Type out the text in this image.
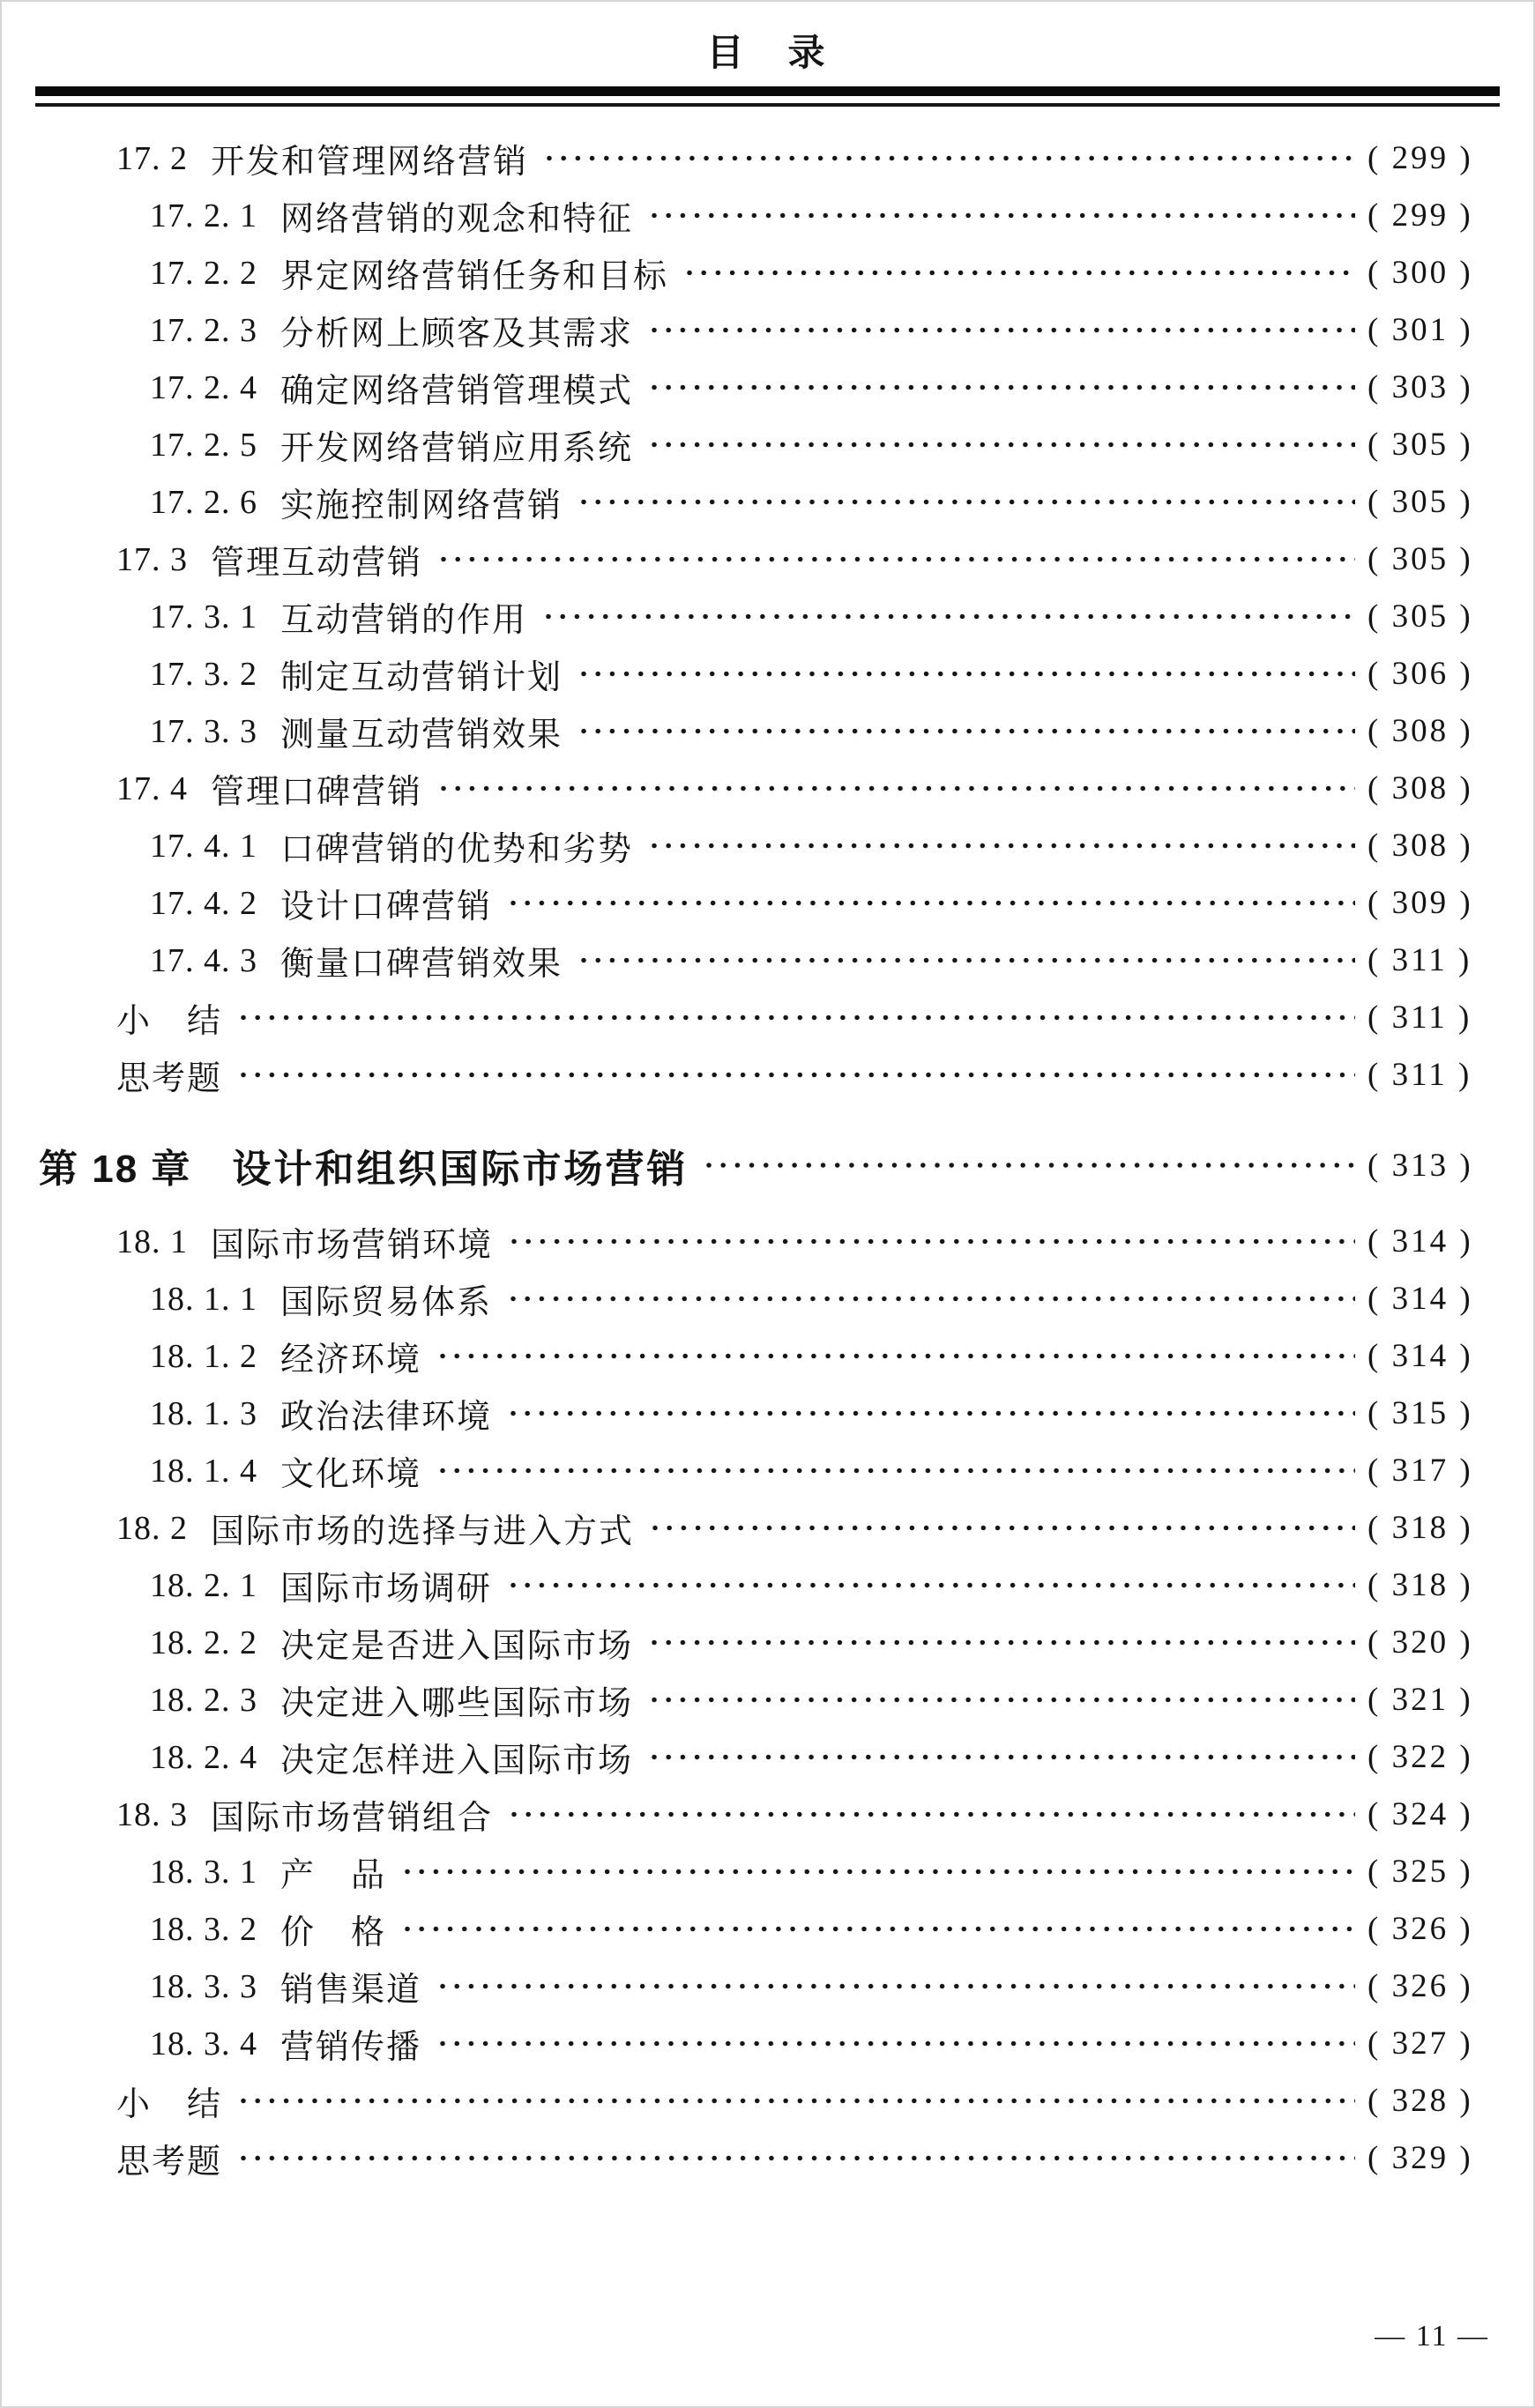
目　录
17. 2 开发和管理网络营销	( 299 )
17. 2. 1 网络营销的观念和特征	( 299 )
17. 2. 2 界定网络营销任务和目标	( 300 )
17. 2. 3 分析网上顾客及其需求	( 301 )
17. 2. 4 确定网络营销管理模式	( 303 )
17. 2. 5 开发网络营销应用系统	( 305 )
17. 2. 6 实施控制网络营销	( 305 )
17. 3 管理互动营销	( 305 )
17. 3. 1 互动营销的作用	( 305 )
17. 3. 2 制定互动营销计划	( 306 )
17. 3. 3 测量互动营销效果	( 308 )
17. 4 管理口碑营销	( 308 )
17. 4. 1 口碑营销的优势和劣势	( 308 )
17. 4. 2 设计口碑营销	( 309 )
17. 4. 3 衡量口碑营销效果	( 311 )
小　结	( 311 )
思考题	( 311 )
第 18 章 设计和组织国际市场营销	( 313 )
18. 1 国际市场营销环境	( 314 )
18. 1. 1 国际贸易体系	( 314 )
18. 1. 2 经济环境	( 314 )
18. 1. 3 政治法律环境	( 315 )
18. 1. 4 文化环境	( 317 )
18. 2 国际市场的选择与进入方式	( 318 )
18. 2. 1 国际市场调研	( 318 )
18. 2. 2 决定是否进入国际市场	( 320 )
18. 2. 3 决定进入哪些国际市场	( 321 )
18. 2. 4 决定怎样进入国际市场	( 322 )
18. 3 国际市场营销组合	( 324 )
18. 3. 1 产　品	( 325 )
18. 3. 2 价　格	( 326 )
18. 3. 3 销售渠道	( 326 )
18. 3. 4 营销传播	( 327 )
小　结	( 328 )
思考题	( 329 )
— 11 —
